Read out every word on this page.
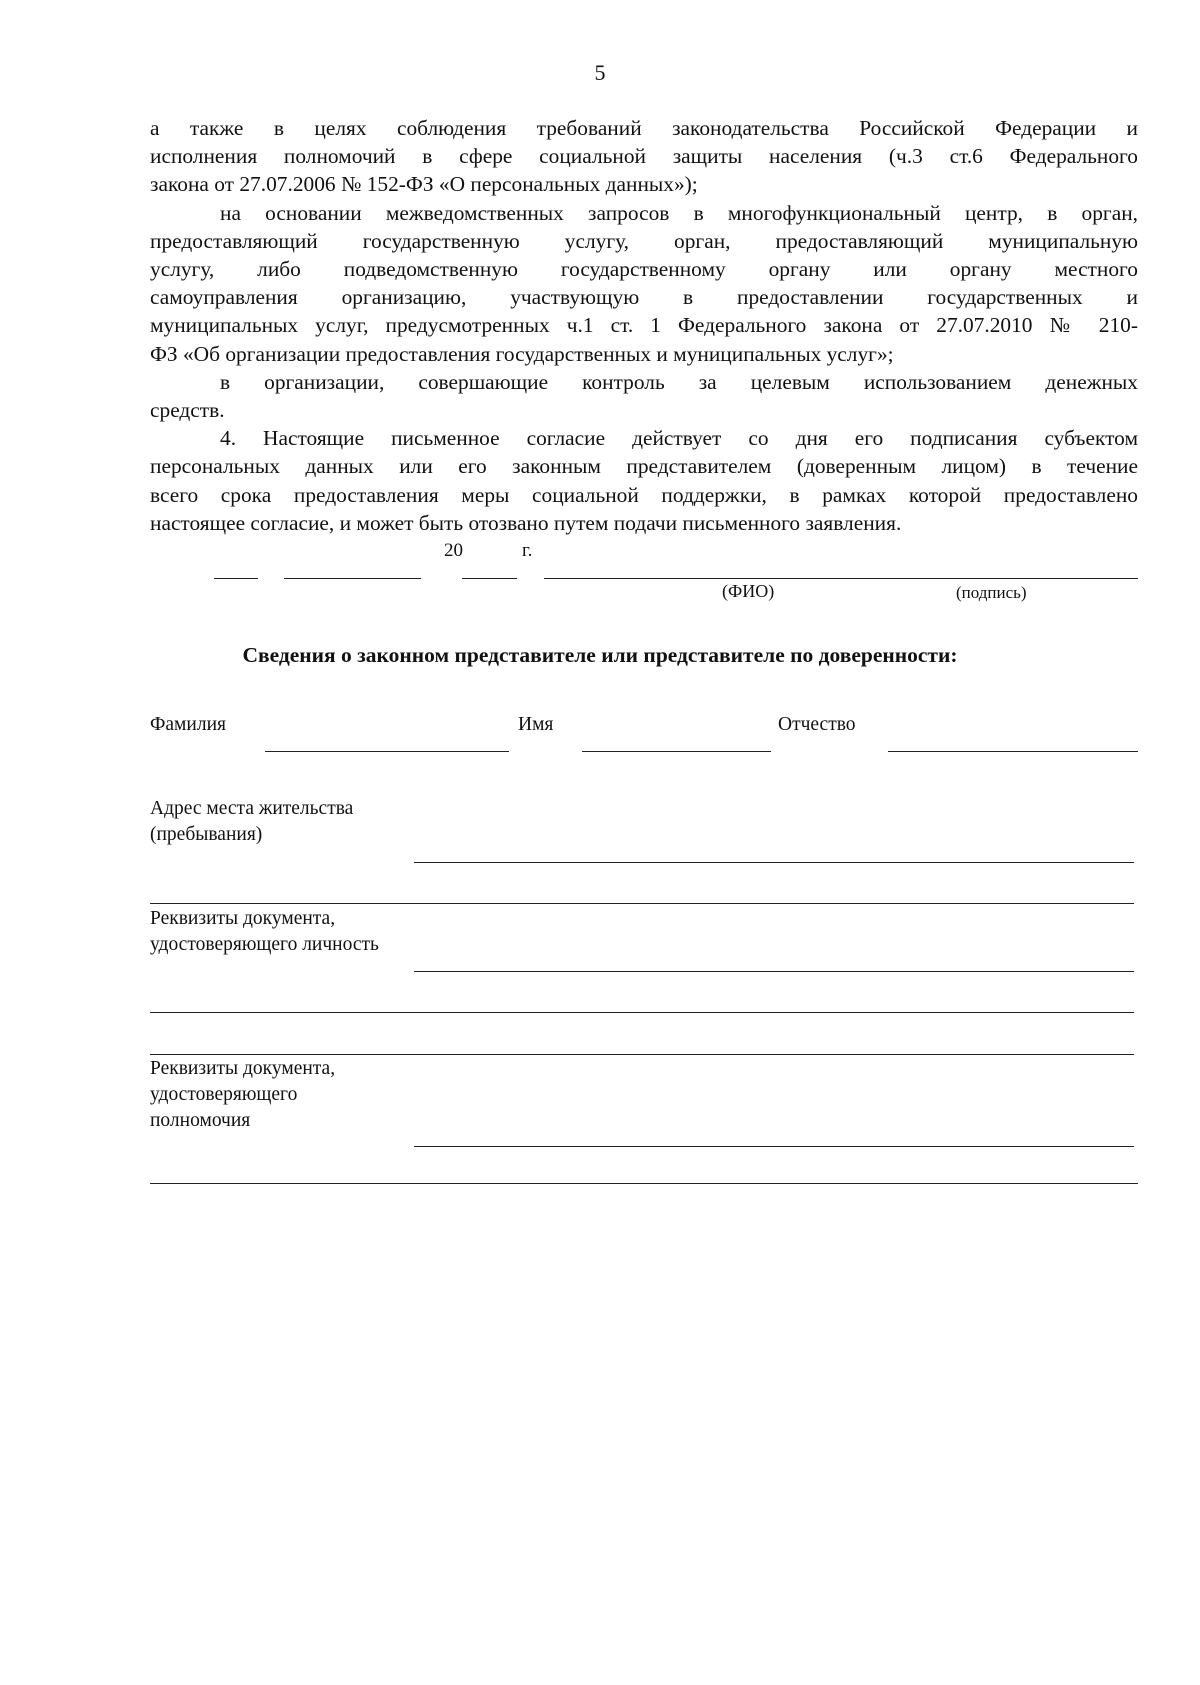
5

а также в целях соблюдения требований законодательства Российской Федерации и

исполнения полномочий в сфере социальной защиты населения (ч.3 ст.6 Федерального

закона от 27.07.2006 № 152-ФЗ «О персональных данных»);

на основании межведомственных запросов в многофункциональный центр, в орган,

предоставляющий государственную услугу, орган, предоставляющий муниципальную

услугу, либо подведомственную государственному органу или органу местного

самоуправления организацию, участвующую в предоставлении государственных и

муниципальных услуг, предусмотренных ч.1 ст. 1 Федерального закона от 27.07.2010 № 210-

ФЗ «Об организации предоставления государственных и муниципальных услуг»;

в организации, совершающие контроль за целевым использованием денежных

средств.

4. Настоящие письменное согласие действует со дня его подписания субъектом

персональных данных или его законным представителем (доверенным лицом) в течение

всего срока предоставления меры социальной поддержки, в рамках которой предоставлено

настоящее согласие, и может быть отозвано путем подачи письменного заявления.

20	г.
(ФИО)	(подпись)
Сведения о законном представителе или представителе по доверенности:
Фамилия	Имя	Отчество
Адрес места жительства
(пребывания)
Реквизиты документа,
удостоверяющего личность
Реквизиты документа,
удостоверяющего
полномочия
